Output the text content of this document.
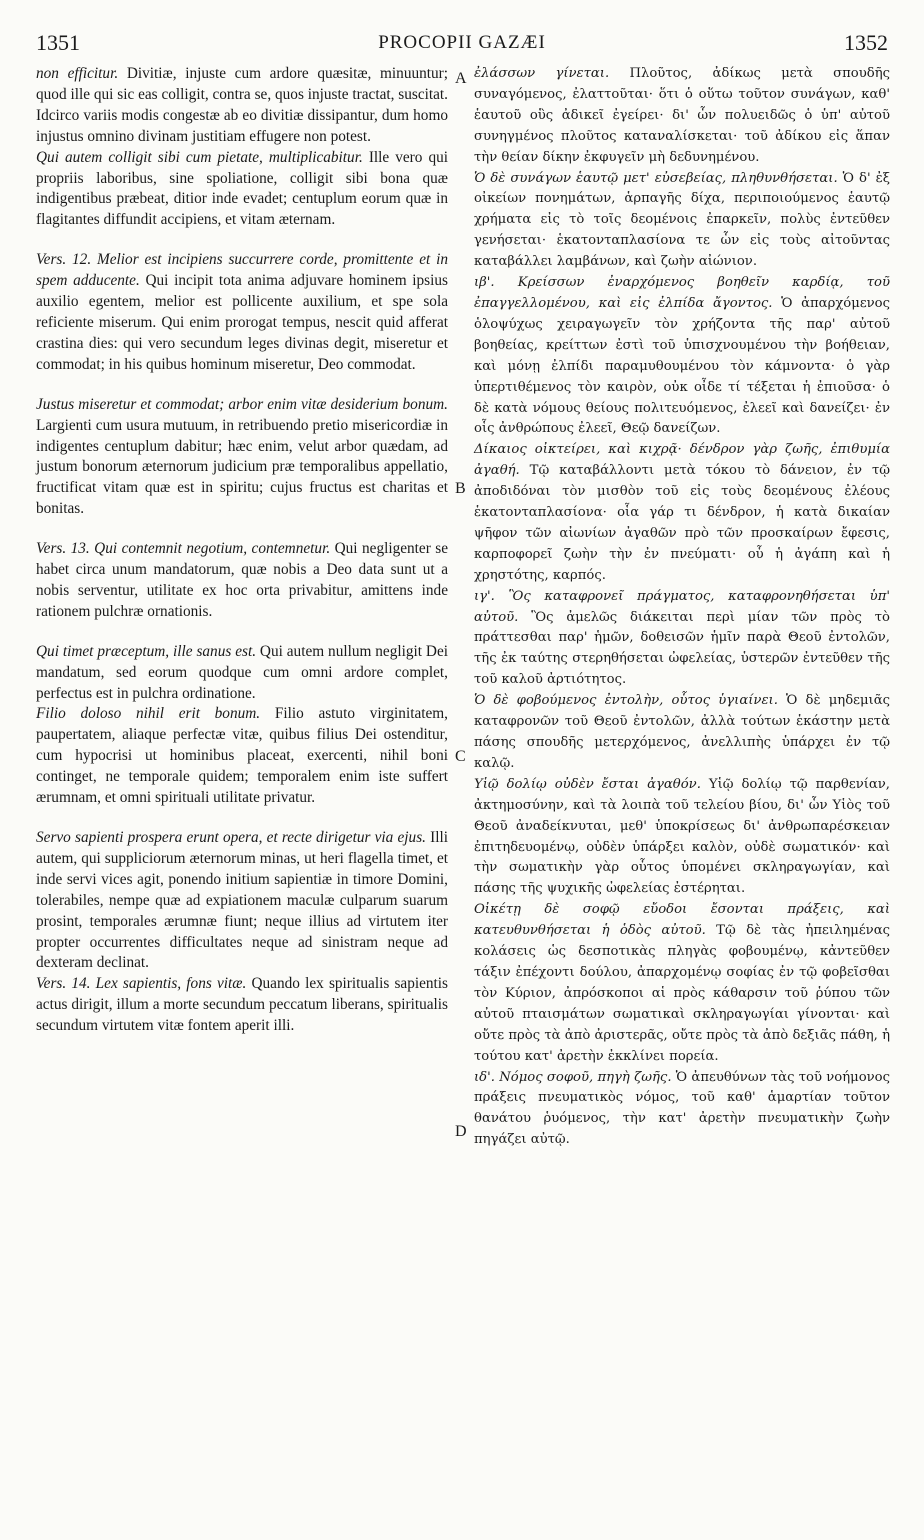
1351	PROCOPII GAZÆI	1352
A
B
C
D

non efficitur. Divitiæ, injuste cum ardore quæsitæ, minuuntur; quod ille qui sic eas colligit, contra se, quos injuste tractat, suscitat. Idcirco variis modis congestæ ab eo divitiæ dissipantur, dum homo injustus omnino divinam justitiam effugere non potest.

Qui autem colligit sibi cum pietate, multiplicabitur. Ille vero qui propriis laboribus, sine spoliatione, colligit sibi bona quæ indigentibus præbeat, ditior inde evadet; centuplum eorum quæ in flagitantes diffundit accipiens, et vitam æternam.

Vers. 12. Melior est incipiens succurrere corde, promittente et in spem adducente. Qui incipit tota anima adjuvare hominem ipsius auxilio egentem, melior est pollicente auxilium, et spe sola reficiente miserum. Qui enim prorogat tempus, nescit quid afferat crastina dies: qui vero secundum leges divinas degit, miseretur et commodat; in his quibus hominum miseretur, Deo commodat.

Justus miseretur et commodat; arbor enim vitæ desiderium bonum. Largienti cum usura mutuum, in retribuendo pretio misericordiæ in indigentes centuplum dabitur; hæc enim, velut arbor quædam, ad justum bonorum æternorum judicium præ temporalibus appellatio, fructificat vitam quæ est in spiritu; cujus fructus est charitas et bonitas.

Vers. 13. Qui contemnit negotium, contemnetur. Qui negligenter se habet circa unum mandatorum, quæ nobis a Deo data sunt ut a nobis serventur, utilitate ex hoc orta privabitur, amittens inde rationem pulchræ ornationis.

Qui timet præceptum, ille sanus est. Qui autem nullum negligit Dei mandatum, sed eorum quodque cum omni ardore complet, perfectus est in pulchra ordinatione.

Filio doloso nihil erit bonum. Filio astuto virginitatem, paupertatem, aliaque perfectæ vitæ, quibus filius Dei ostenditur, cum hypocrisi ut hominibus placeat, exercenti, nihil boni continget, ne temporale quidem; temporalem enim iste suffert ærumnam, et omni spirituali utilitate privatur.

Servo sapienti prospera erunt opera, et recte dirigetur via ejus. Illi autem, qui suppliciorum æternorum minas, ut heri flagella timet, et inde servi vices agit, ponendo initium sapientiæ in timore Domini, tolerabiles, nempe quæ ad expiationem maculæ culparum suarum prosint, temporales ærumnæ fiunt; neque illius ad virtutem iter propter occurrentes difficultates neque ad sinistram neque ad dexteram declinat.

Vers. 14. Lex sapientis, fons vitæ. Quando lex spiritualis sapientis actus dirigit, illum a morte secundum peccatum liberans, spiritualis secundum virtutem vitæ fontem aperit illi.

ἐλάσσων γίνεται. Πλοῦτος, ἀδίκως μετὰ σπουδῆς συναγόμενος, ἐλαττοῦται· ὅτι ὁ οὕτω τοῦτον συνάγων, καθ' ἑαυτοῦ οὓς ἀδικεῖ ἐγείρει· δι' ὧν πολυειδῶς ὁ ὑπ' αὐτοῦ συνηγμένος πλοῦτος καταναλίσκεται· τοῦ ἀδίκου εἰς ἅπαν τὴν θείαν δίκην ἐκφυγεῖν μὴ δεδυνημένου.

Ὁ δὲ συνάγων ἑαυτῷ μετ' εὐσεβείας, πληθυνθήσεται. Ὁ δ' ἐξ οἰκείων πονημάτων, ἁρπαγῆς δίχα, περιποιούμενος ἑαυτῷ χρήματα εἰς τὸ τοῖς δεομένοις ἐπαρκεῖν, πολὺς ἐντεῦθεν γενήσεται· ἑκατονταπλασίονα τε ὧν εἰς τοὺς αἰτοῦντας καταβάλλει λαμβάνων, καὶ ζωὴν αἰώνιον.

ιβ'. Κρείσσων ἐναρχόμενος βοηθεῖν καρδίᾳ, τοῦ ἐπαγγελλομένου, καὶ εἰς ἐλπίδα ἄγοντος. Ὁ ἀπαρχόμενος ὁλοψύχως χειραγωγεῖν τὸν χρήζοντα τῆς παρ' αὐτοῦ βοηθείας, κρείττων ἐστὶ τοῦ ὑπισχνουμένου τὴν βοήθειαν, καὶ μόνῃ ἐλπίδι παραμυθουμένου τὸν κάμνοντα· ὁ γὰρ ὑπερτιθέμενος τὸν καιρὸν, οὐκ οἶδε τί τέξεται ἡ ἐπιοῦσα· ὁ δὲ κατὰ νόμους θείους πολιτευόμενος, ἐλεεῖ καὶ δανείζει· ἐν οἷς ἀνθρώπους ἐλεεῖ, Θεῷ δανείζων.

Δίκαιος οἰκτείρει, καὶ κιχρᾷ· δένδρον γὰρ ζωῆς, ἐπιθυμία ἀγαθή. Τῷ καταβάλλοντι μετὰ τόκου τὸ δάνειον, ἐν τῷ ἀποδιδόναι τὸν μισθὸν τοῦ εἰς τοὺς δεομένους ἐλέους ἑκατονταπλασίονα· οἷα γάρ τι δένδρον, ἡ κατὰ δικαίαν ψῆφον τῶν αἰωνίων ἀγαθῶν πρὸ τῶν προσκαίρων ἔφεσις, καρποφορεῖ ζωὴν τὴν ἐν πνεύματι· οὗ ἡ ἀγάπη καὶ ἡ χρηστότης, καρπός.

ιγ'. Ὃς καταφρονεῖ πράγματος, καταφρονηθήσεται ὑπ' αὐτοῦ. Ὃς ἀμελῶς διάκειται περὶ μίαν τῶν πρὸς τὸ πράττεσθαι παρ' ἡμῶν, δοθεισῶν ἡμῖν παρὰ Θεοῦ ἐντολῶν, τῆς ἐκ ταύτης στερηθήσεται ὠφελείας, ὑστερῶν ἐντεῦθεν τῆς τοῦ καλοῦ ἀρτιότητος.

Ὁ δὲ φοβούμενος ἐντολὴν, οὗτος ὑγιαίνει. Ὁ δὲ μηδεμιᾶς καταφρονῶν τοῦ Θεοῦ ἐντολῶν, ἀλλὰ τούτων ἑκάστην μετὰ πάσης σπουδῆς μετερχόμενος, ἀνελλιπὴς ὑπάρχει ἐν τῷ καλῷ.

Υἱῷ δολίῳ οὐδὲν ἔσται ἀγαθόν. Υἱῷ δολίῳ τῷ παρθενίαν, ἀκτημοσύνην, καὶ τὰ λοιπὰ τοῦ τελείου βίου, δι' ὧν Υἱὸς τοῦ Θεοῦ ἀναδείκνυται, μεθ' ὑποκρίσεως δι' ἀνθρωπαρέσκειαν ἐπιτηδευομένῳ, οὐδὲν ὑπάρξει καλὸν, οὐδὲ σωματικόν· καὶ τὴν σωματικὴν γὰρ οὗτος ὑπομένει σκληραγωγίαν, καὶ πάσης τῆς ψυχικῆς ὠφελείας ἐστέρηται.

Οἰκέτῃ δὲ σοφῷ εὔοδοι ἔσονται πράξεις, καὶ κατευθυνθήσεται ἡ ὁδὸς αὐτοῦ. Τῷ δὲ τὰς ἠπειλημένας κολάσεις ὡς δεσποτικὰς πληγὰς φοβουμένῳ, κἀντεῦθεν τάξιν ἐπέχοντι δούλου, ἀπαρχομένῳ σοφίας ἐν τῷ φοβεῖσθαι τὸν Κύριον, ἀπρόσκοποι αἱ πρὸς κάθαρσιν τοῦ ῥύπου τῶν αὐτοῦ πταισμάτων σωματικαὶ σκληραγωγίαι γίνονται· καὶ οὔτε πρὸς τὰ ἀπὸ ἀριστερᾶς, οὔτε πρὸς τὰ ἀπὸ δεξιᾶς πάθη, ἡ τούτου κατ' ἀρετὴν ἐκκλίνει πορεία.

ιδ'. Νόμος σοφοῦ, πηγὴ ζωῆς. Ὁ ἀπευθύνων τὰς τοῦ νοήμονος πράξεις πνευματικὸς νόμος, τοῦ καθ' ἁμαρτίαν τοῦτον θανάτου ῥυόμενος, τὴν κατ' ἀρετὴν πνευματικὴν ζωὴν πηγάζει αὐτῷ.
